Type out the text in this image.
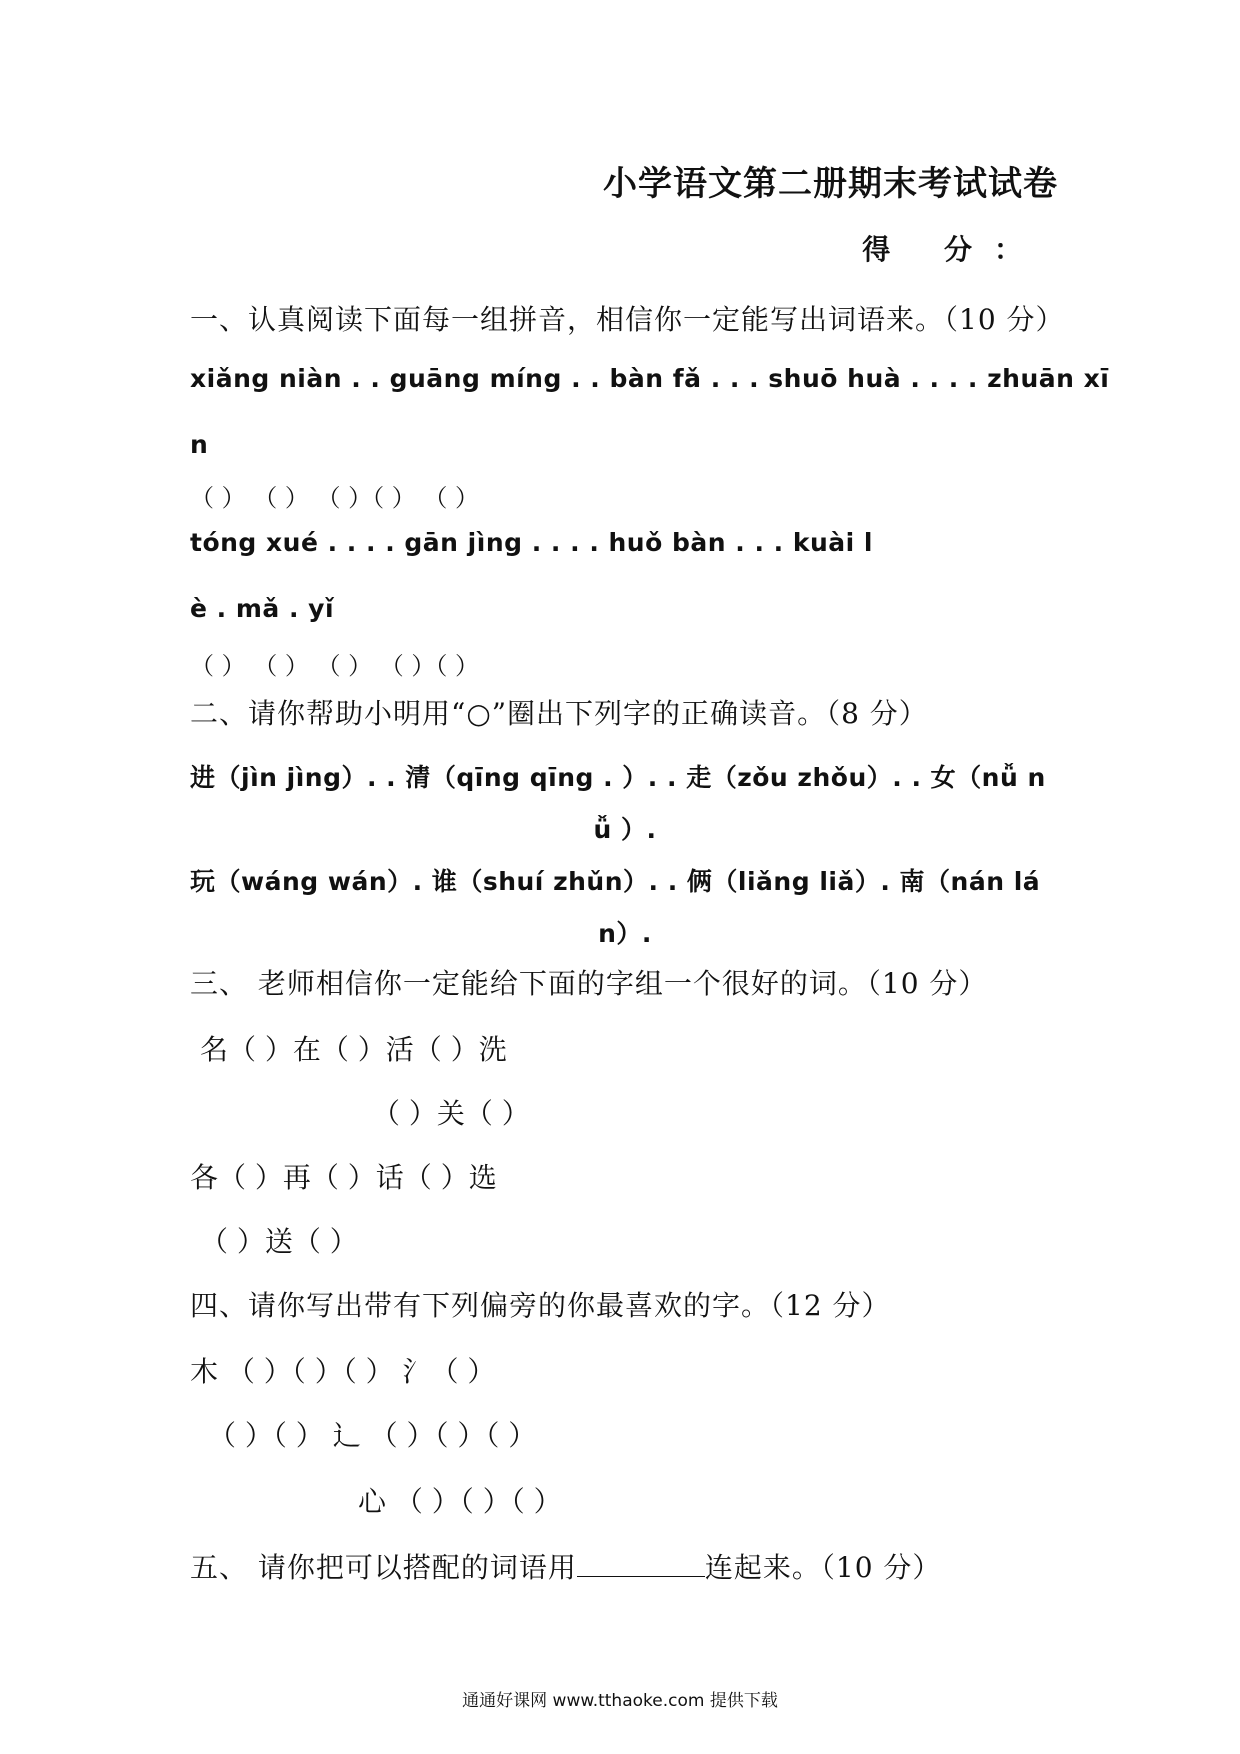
小学语文第二册期末考试试卷
得 分：
一、认真阅读下面每一组拼音，相信你一定能写出词语来。（10 分）
xiǎng niàn . . guāng míng . . bàn fǎ . . . shuō huà . . . . zhuān xī
n
（ ） （ ） （ ）（ ） （ ）
tóng xué . . . . gān jìng . . . . huǒ bàn . . . kuài l
è . mǎ . yǐ
（ ） （ ） （ ） （ ）（ ）
二、请你帮助小明用“○”圈出下列字的正确读音。（8 分）
进（jìn jìng）. . 清（qīng qīng . ）. . 走（zǒu zhǒu）. . 女（nǚ n
ǚ ）.
玩（wáng wán）. 谁（shuí zhǔn）. . 俩（liǎng liǎ）. 南（nán lá
n）.
三、 老师相信你一定能给下面的字组一个很好的词。（10 分）
名（ ）在（ ）活（ ）洗
（ ）关（ ）
各（ ）再（ ）话（ ）选
（ ）送（ ）
四、请你写出带有下列偏旁的你最喜欢的字。（12 分）
木 （ ）（ ）（ ） 氵（ ）
（ ）（ ） 辶 （ ）（ ）（ ）
心 （ ）（ ）（ ）
五、 请你把可以搭配的词语用	连起来。（10 分）
通通好课网 www.tthaoke.com 提供下载
